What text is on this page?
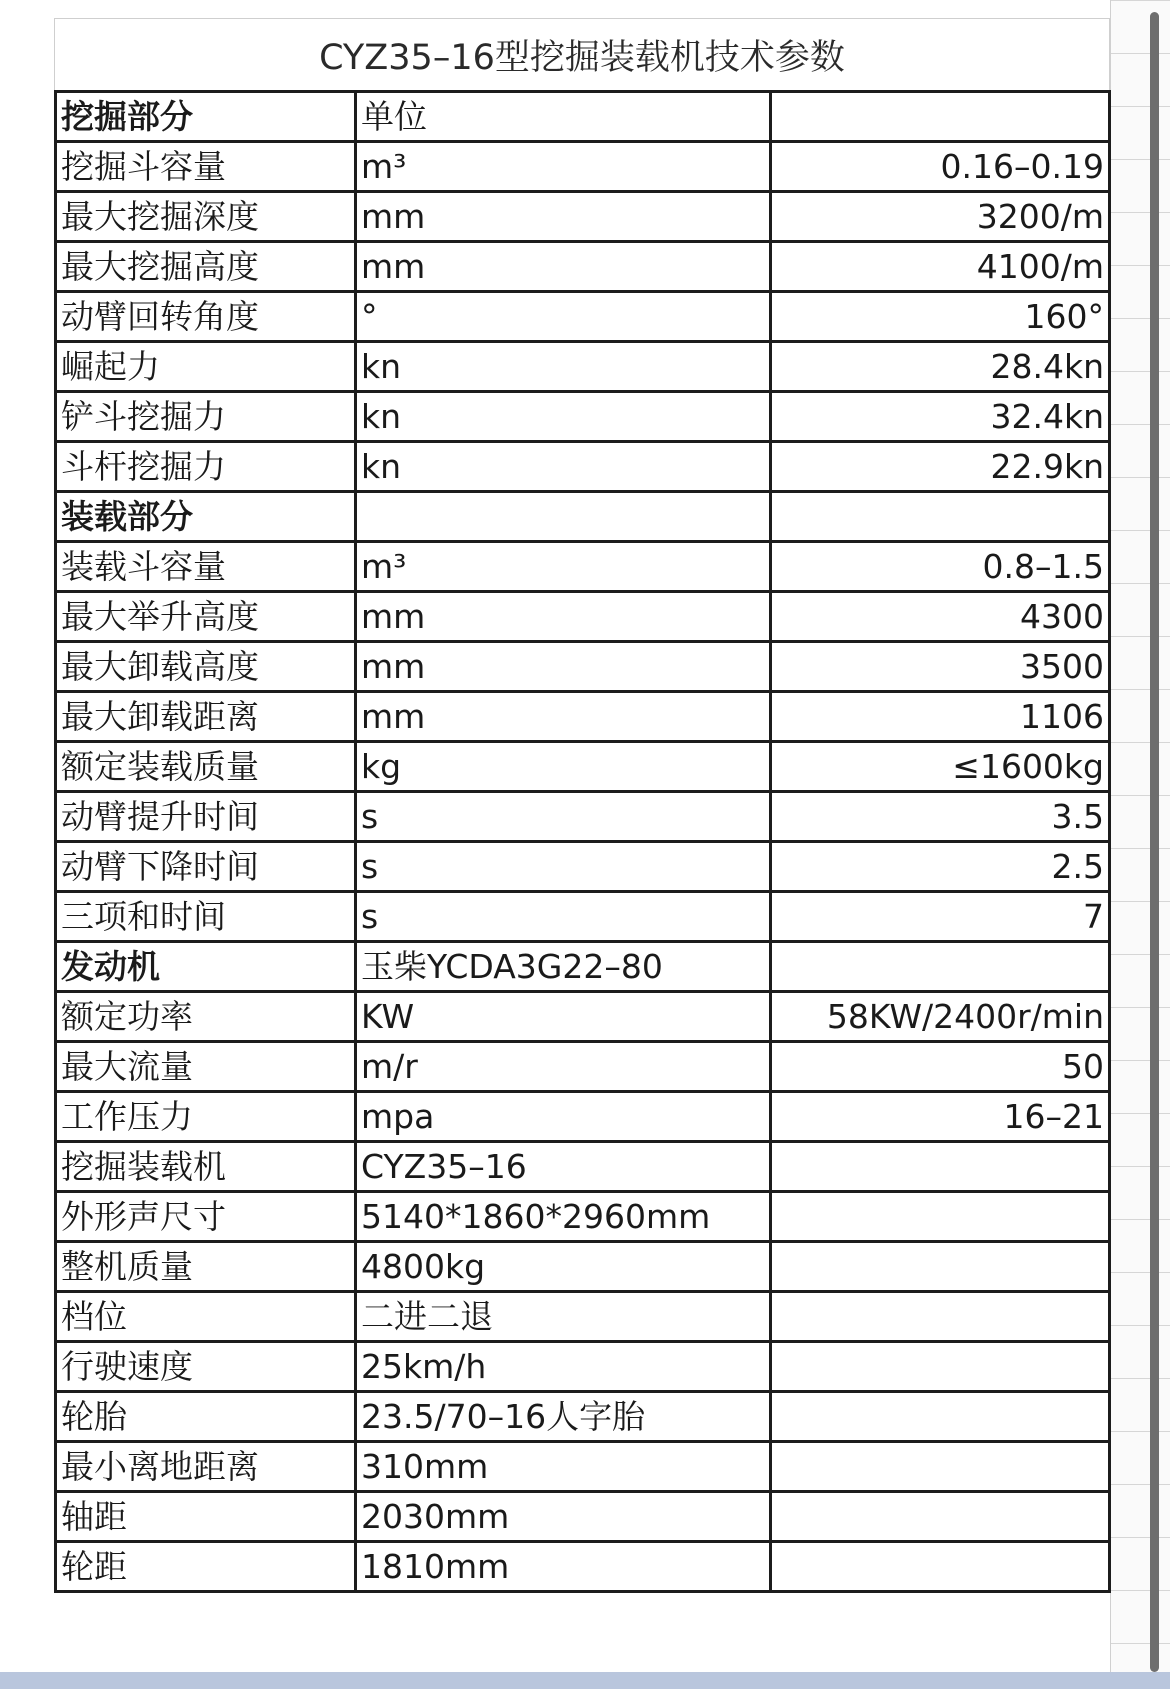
CYZ35–16型挖掘装载机技术参数
挖掘部分	单位	
挖掘斗容量	m³	0.16–0.19
最大挖掘深度	mm	3200/m
最大挖掘高度	mm	4100/m
动臂回转角度	°	160°
崛起力	kn	28.4kn
铲斗挖掘力	kn	32.4kn
斗杆挖掘力	kn	22.9kn
装载部分		
装载斗容量	m³	0.8–1.5
最大举升高度	mm	4300
最大卸载高度	mm	3500
最大卸载距离	mm	1106
额定装载质量	kg	≤1600kg
动臂提升时间	s	3.5
动臂下降时间	s	2.5
三项和时间	s	7
发动机	玉柴YCDA3G22–80	
额定功率	KW	58KW/2400r/min
最大流量	m/r	50
工作压力	mpa	16–21
挖掘装载机	CYZ35–16	
外形声尺寸	5140*1860*2960mm	
整机质量	4800kg	
档位	二进二退	
行驶速度	25km/h	
轮胎	23.5/70–16人字胎	
最小离地距离	310mm	
轴距	2030mm	
轮距	1810mm	
